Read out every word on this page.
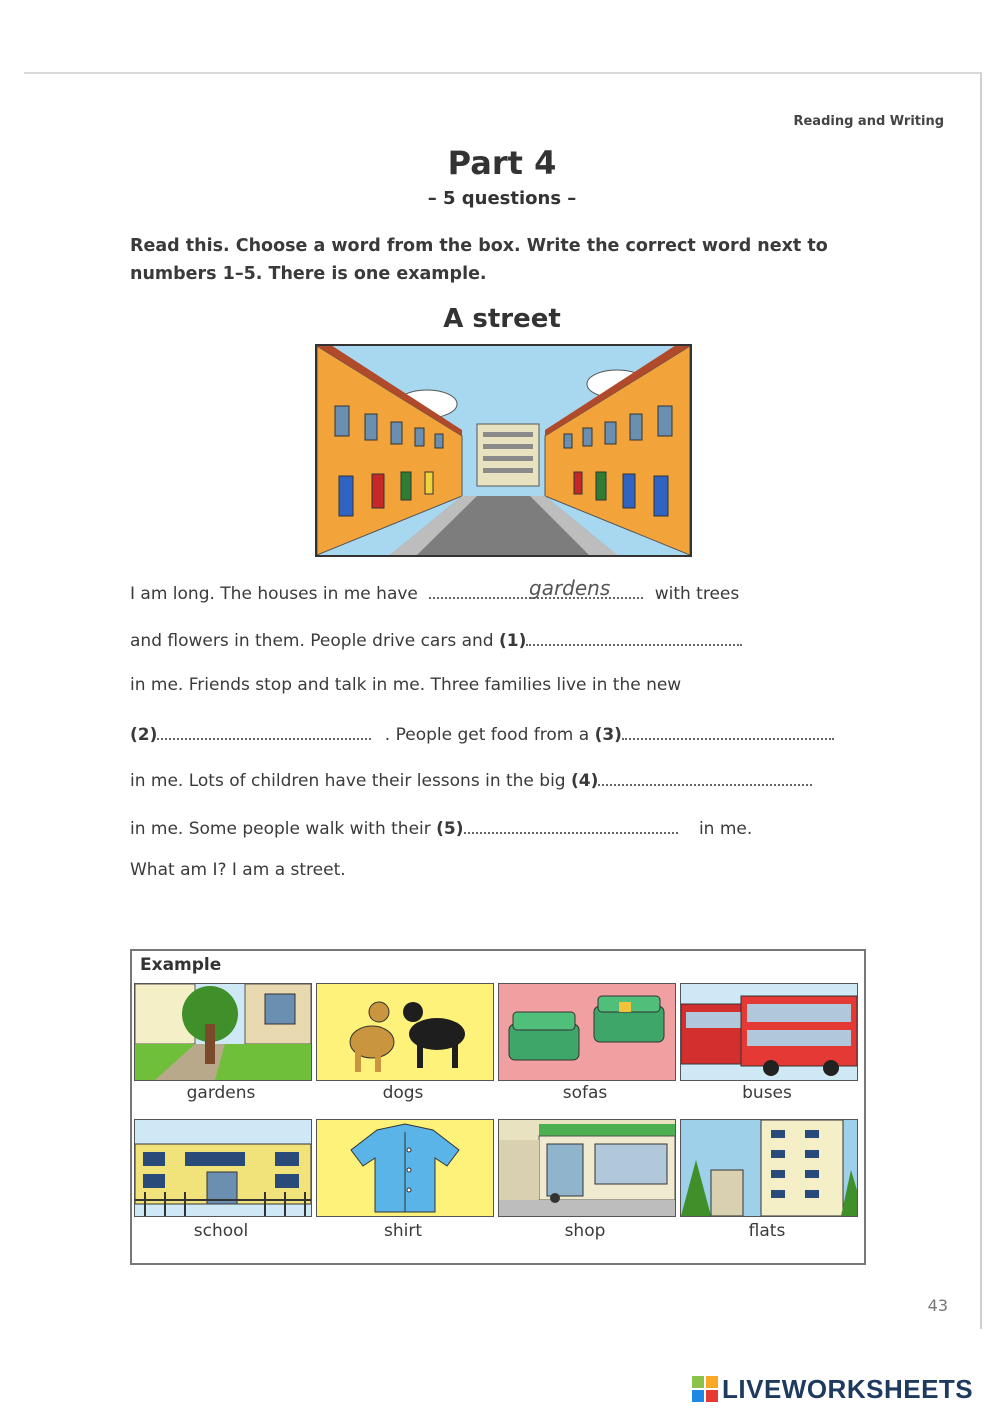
Reading and Writing
Part 4
– 5 questions –
Read this. Choose a word from the box. Write the correct word next to numbers 1–5. There is one example.
A street
I am long. The houses in me have	with trees
gardens
and flowers in them. People drive cars and (1)
in me. Friends stop and talk in me. Three families live in the new
(2)	. People get food from a (3)
in me. Lots of children have their lessons in the big (4)
in me. Some people walk with their (5)	in me.
What am I? I am a street.
Example
gardens	dogs	sofas	buses
school	shirt	shop	flats
43
LIVEWORKSHEETS
